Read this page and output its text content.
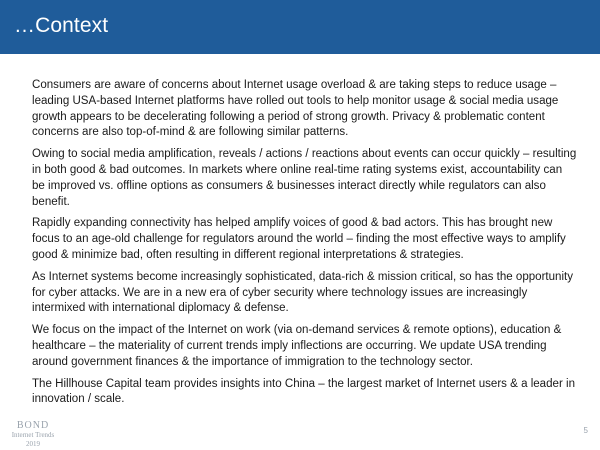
…Context

Consumers are aware of concerns about Internet usage overload & are taking steps to reduce usage – leading USA-based Internet platforms have rolled out tools to help monitor usage & social media usage growth appears to be decelerating following a period of strong growth. Privacy & problematic content concerns are also top-of-mind & are following similar patterns.

Owing to social media amplification, reveals / actions / reactions about events can occur quickly – resulting in both good & bad outcomes. In markets where online real-time rating systems exist, accountability can be improved vs. offline options as consumers & businesses interact directly while regulators can also benefit.

Rapidly expanding connectivity has helped amplify voices of good & bad actors. This has brought new focus to an age-old challenge for regulators around the world – finding the most effective ways to amplify good & minimize bad, often resulting in different regional interpretations & strategies.

As Internet systems become increasingly sophisticated, data-rich & mission critical, so has the opportunity for cyber attacks. We are in a new era of cyber security where technology issues are increasingly intermixed with international diplomacy & defense.

We focus on the impact of the Internet on work (via on-demand services & remote options), education & healthcare – the materiality of current trends imply inflections are occurring. We update USA trending around government finances & the importance of immigration to the technology sector.

The Hillhouse Capital team provides insights into China – the largest market of Internet users & a leader in innovation / scale.

BOND
Internet Trends
2019
5
